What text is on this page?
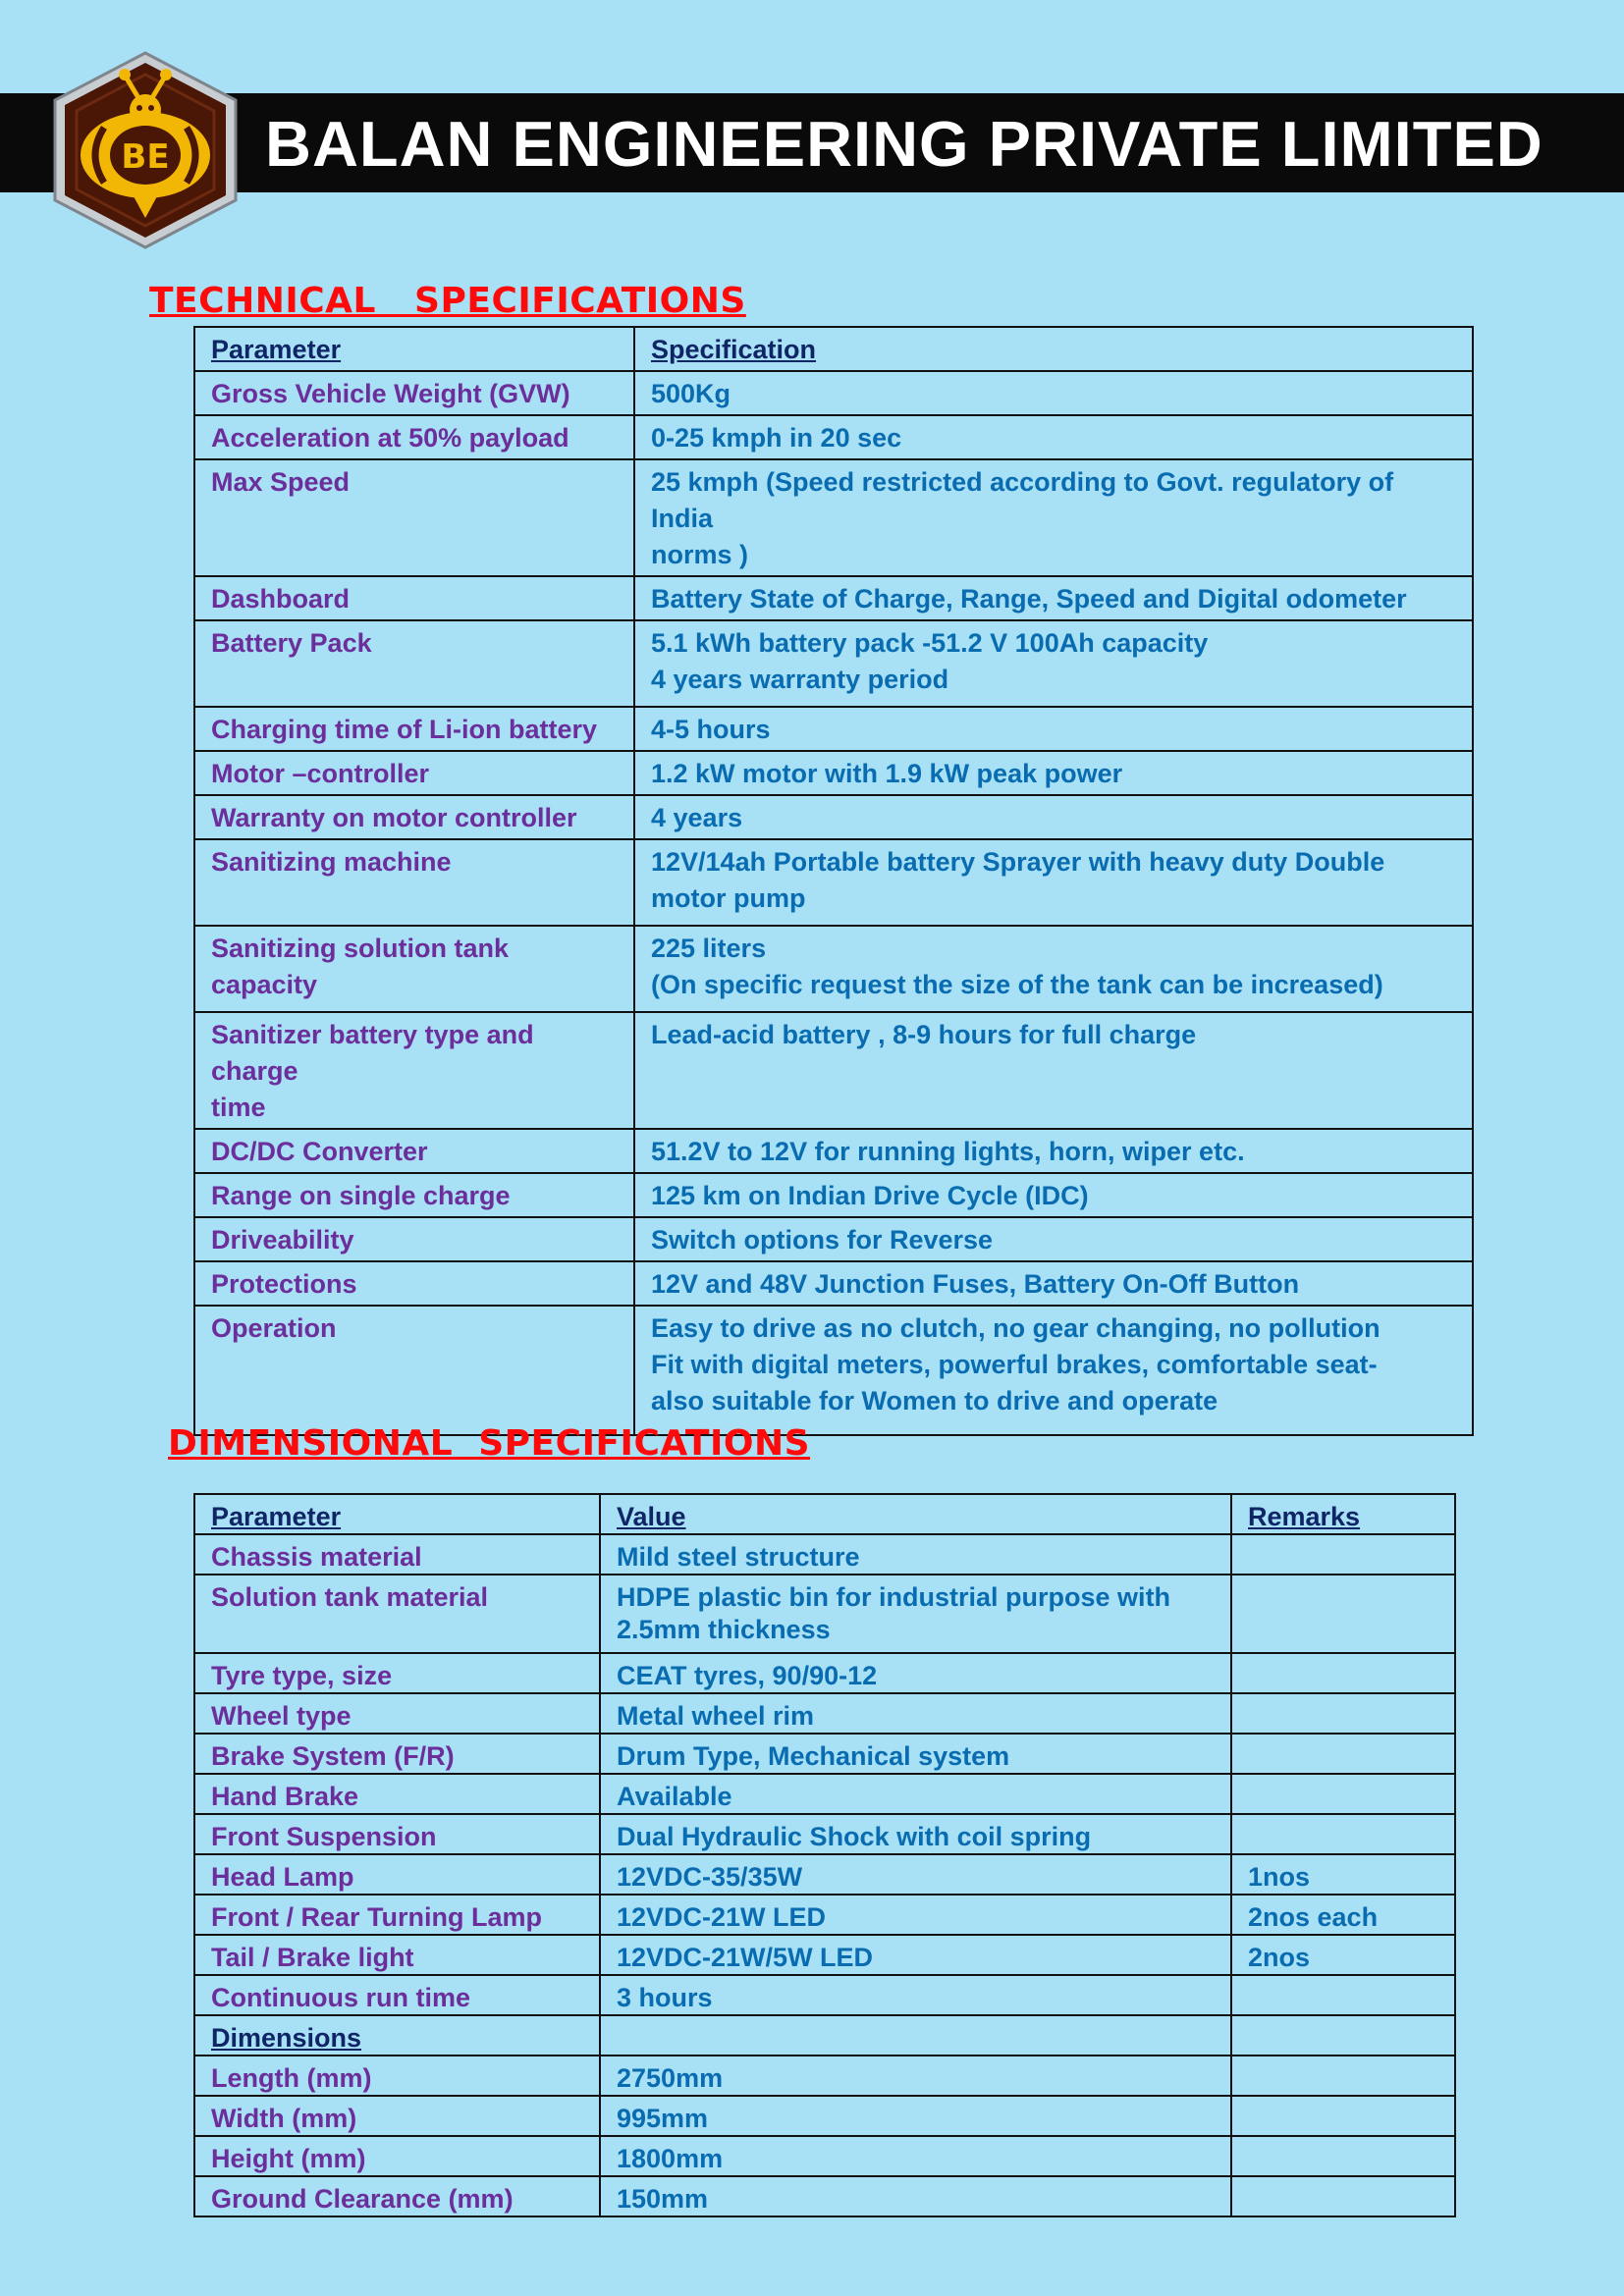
BE BALAN ENGINEERING PRIVATE LIMITED
TECHNICAL   SPECIFICATIONS
Parameter	Specification

Gross Vehicle Weight (GVW)	500Kg

Acceleration at 50% payload	0-25 kmph in 20 sec

Max Speed	25 kmph (Speed restricted according to Govt. regulatory of India
norms )

Dashboard	Battery State of Charge, Range, Speed and Digital odometer

Battery Pack	5.1 kWh battery pack -51.2 V 100Ah capacity
4 years warranty period

Charging time of Li-ion battery	4-5 hours

Motor –controller	1.2 kW motor with 1.9 kW peak power

Warranty on motor controller	4 years

Sanitizing machine	12V/14ah Portable battery Sprayer with heavy duty Double
motor pump

Sanitizing solution tank capacity	225 liters
(On specific request the size of the tank can be increased)

Sanitizer battery type and charge
time	Lead-acid battery , 8-9 hours for full charge

DC/DC Converter	51.2V to 12V for running lights, horn, wiper etc.

Range on single charge	125 km on Indian Drive Cycle (IDC)

Driveability	Switch options for Reverse

Protections	12V and 48V Junction Fuses, Battery On-Off Button

Operation	Easy to drive as no clutch, no gear changing, no pollution
Fit with digital meters, powerful brakes, comfortable seat-
also suitable for Women to drive and operate
DIMENSIONAL  SPECIFICATIONS
Parameter	Value	Remarks

Chassis material	Mild steel structure	

Solution tank material	HDPE plastic bin for industrial purpose with
2.5mm thickness	

Tyre type, size	CEAT tyres, 90/90-12	

Wheel type	Metal wheel rim	

Brake System (F/R)	Drum Type, Mechanical system	

Hand Brake	Available	

Front Suspension	Dual Hydraulic Shock with coil spring	

Head Lamp	12VDC-35/35W	1nos

Front / Rear Turning Lamp	12VDC-21W LED	2nos each

Tail / Brake light	12VDC-21W/5W LED	2nos

Continuous run time	3 hours	

Dimensions		

Length (mm)	2750mm	

Width (mm)	995mm	

Height (mm)	1800mm	

Ground Clearance (mm)	150mm	
